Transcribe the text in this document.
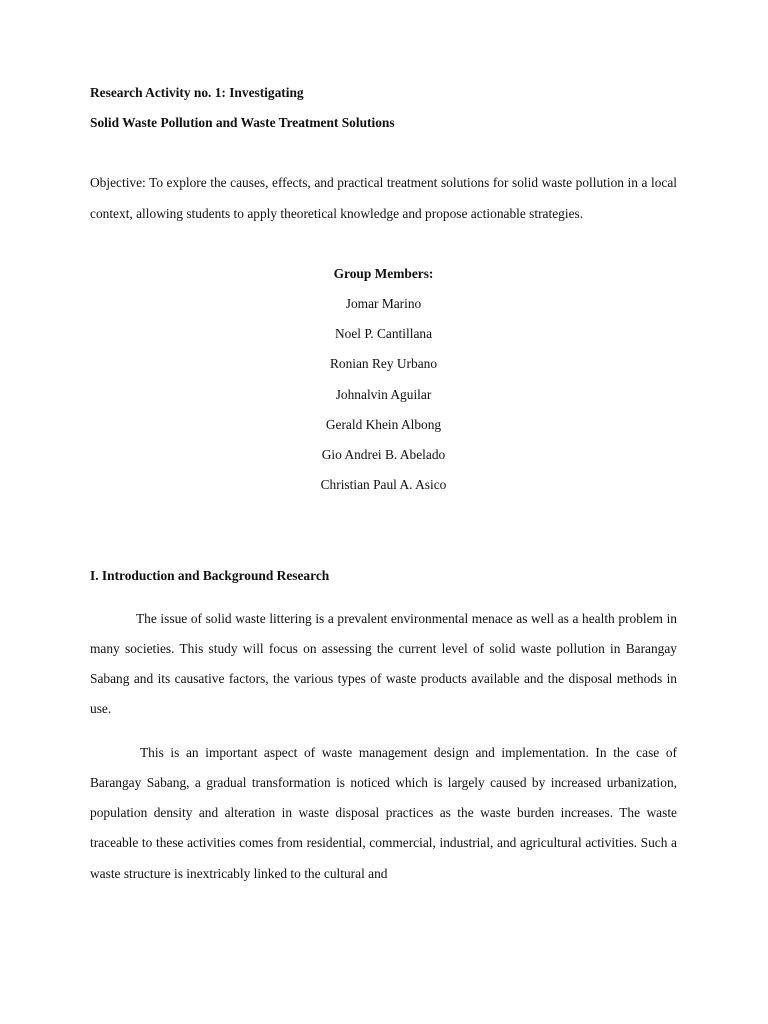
Research Activity no. 1: Investigating

Solid Waste Pollution and Waste Treatment Solutions

Objective: To explore the causes, effects, and practical treatment solutions for solid waste pollution in a local context, allowing students to apply theoretical knowledge and propose actionable strategies.

Group Members:
Jomar Marino
Noel P. Cantillana
Ronian Rey Urbano
Johnalvin Aguilar
Gerald Khein Albong
Gio Andrei B. Abelado
Christian Paul A. Asico
I. Introduction and Background Research

The issue of solid waste littering is a prevalent environmental menace as well as a health problem in many societies. This study will focus on assessing the current level of solid waste pollution in Barangay Sabang and its causative factors, the various types of waste products available and the disposal methods in use.

This is an important aspect of waste management design and implementation. In the case of Barangay Sabang, a gradual transformation is noticed which is largely caused by increased urbanization, population density and alteration in waste disposal practices as the waste burden increases. The waste traceable to these activities comes from residential, commercial, industrial, and agricultural activities. Such a waste structure is inextricably linked to the cultural and
